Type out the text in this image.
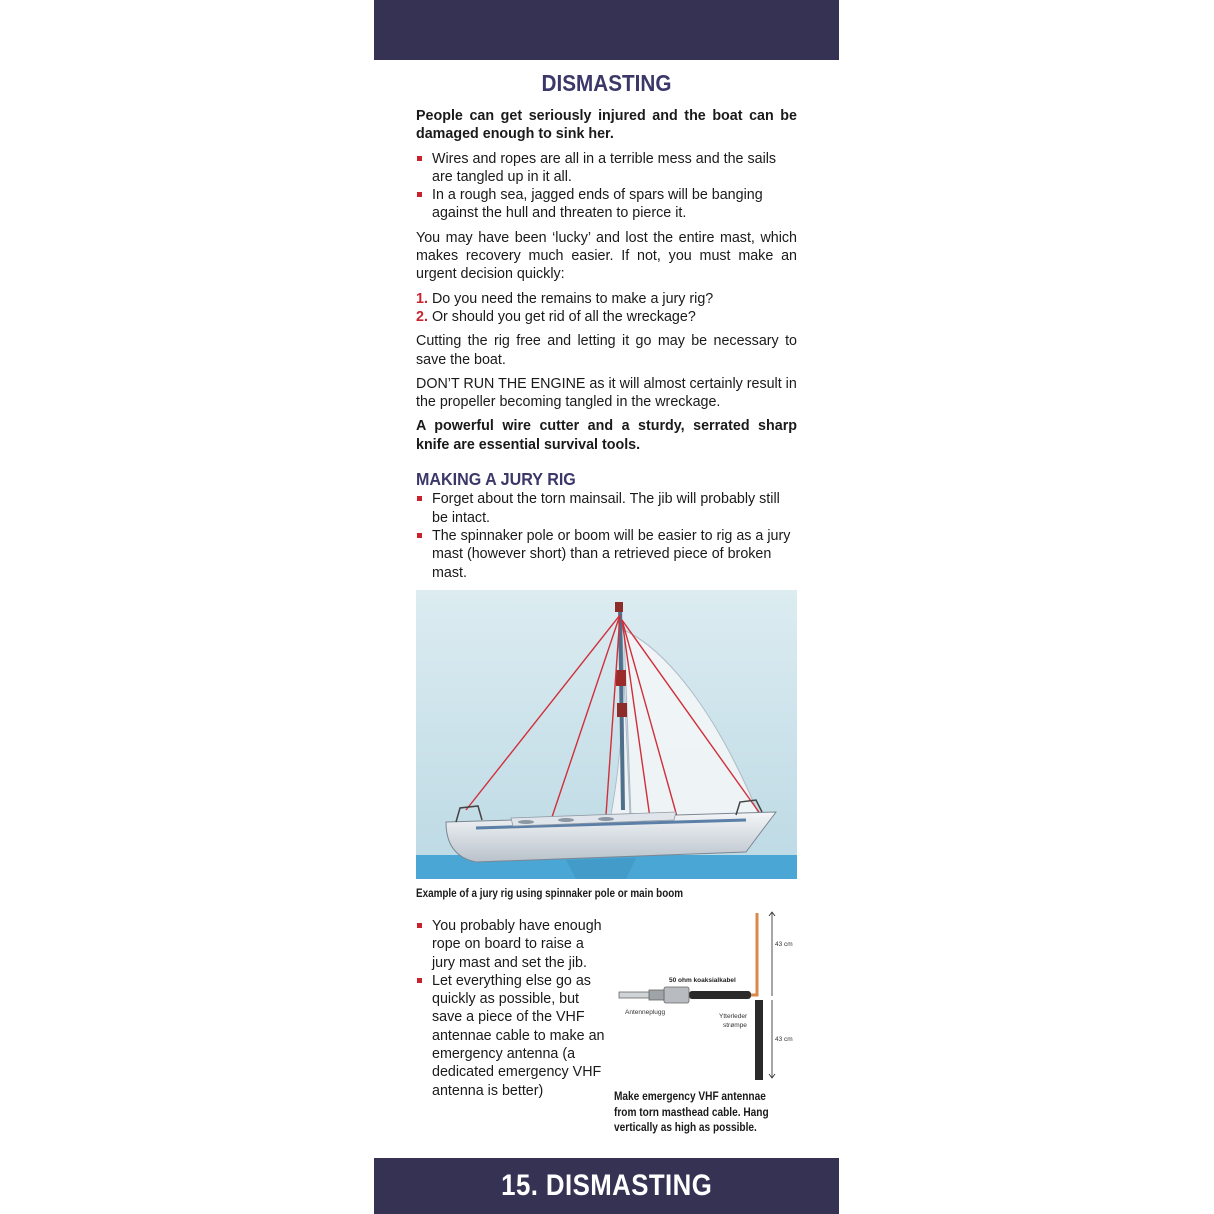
DISMASTING

People can get seriously injured and the boat can be damaged enough to sink her.

Wires and ropes are all in a terrible mess and the sails are tangled up in it all.
In a rough sea, jagged ends of spars will be banging against the hull and threaten to pierce it.

You may have been ‘lucky’ and lost the entire mast, which makes recovery much easier. If not, you must make an urgent decision quickly:

1. Do you need the remains to make a jury rig?
2. Or should you get rid of all the wreckage?

Cutting the rig free and letting it go may be necessary to save the boat.

DON’T RUN THE ENGINE as it will almost certainly result in the propeller becoming tangled in the wreckage.

A powerful wire cutter and a sturdy, serrated sharp knife are essential survival tools.

MAKING A JURY RIG
Forget about the torn mainsail. The jib will probably still be intact.
The spinnaker pole or boom will be easier to rig as a jury mast (however short) than a retrieved piece of broken mast.
Example of a jury rig using spinnaker pole or main boom
You probably have enough rope on board to raise a jury mast and set the jib.
Let everything else go as quickly as possible, but save a piece of the VHF antennae cable to make an emergency antenna (a dedicated emergency VHF antenna is better)
43 cm
43 cm
50 ohm koaksialkabel
Antenneplugg
Ytterleder
strømpe
Make emergency VHF antennae from torn masthead cable. Hang vertically as high as possible.
15. DISMASTING
